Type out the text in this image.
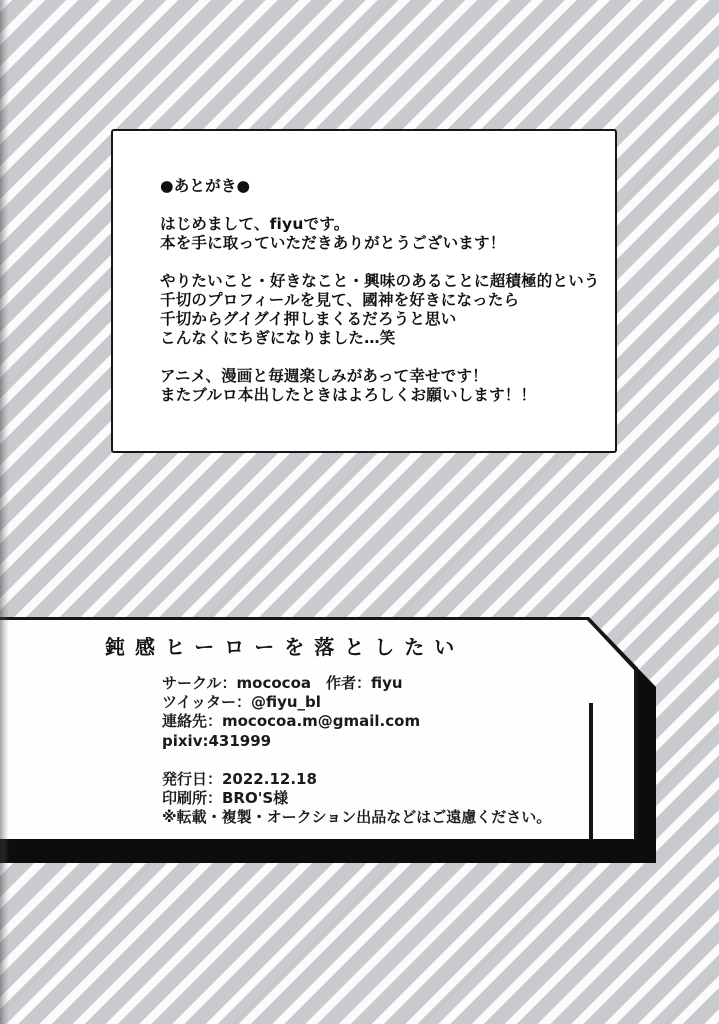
●あとがき●

はじめまして、fiyuです。
本を手に取っていただきありがとうございます！

やりたいこと・好きなこと・興味のあることに超積極的という
千切のプロフィールを見て、國神を好きになったら
千切からグイグイ押しまくるだろうと思い
こんなくにちぎになりました…笑

アニメ、漫画と毎週楽しみがあって幸せです！
またブルロ本出したときはよろしくお願いします！！
鈍感ヒーローを落としたい
サークル：mococoa　作者：fiyu
ツイッター：@fiyu_bl
連絡先：mococoa.m@gmail.com
pixiv:431999

発行日：2022.12.18
印刷所：BRO'S様
※転載・複製・オークション出品などはご遠慮ください。
